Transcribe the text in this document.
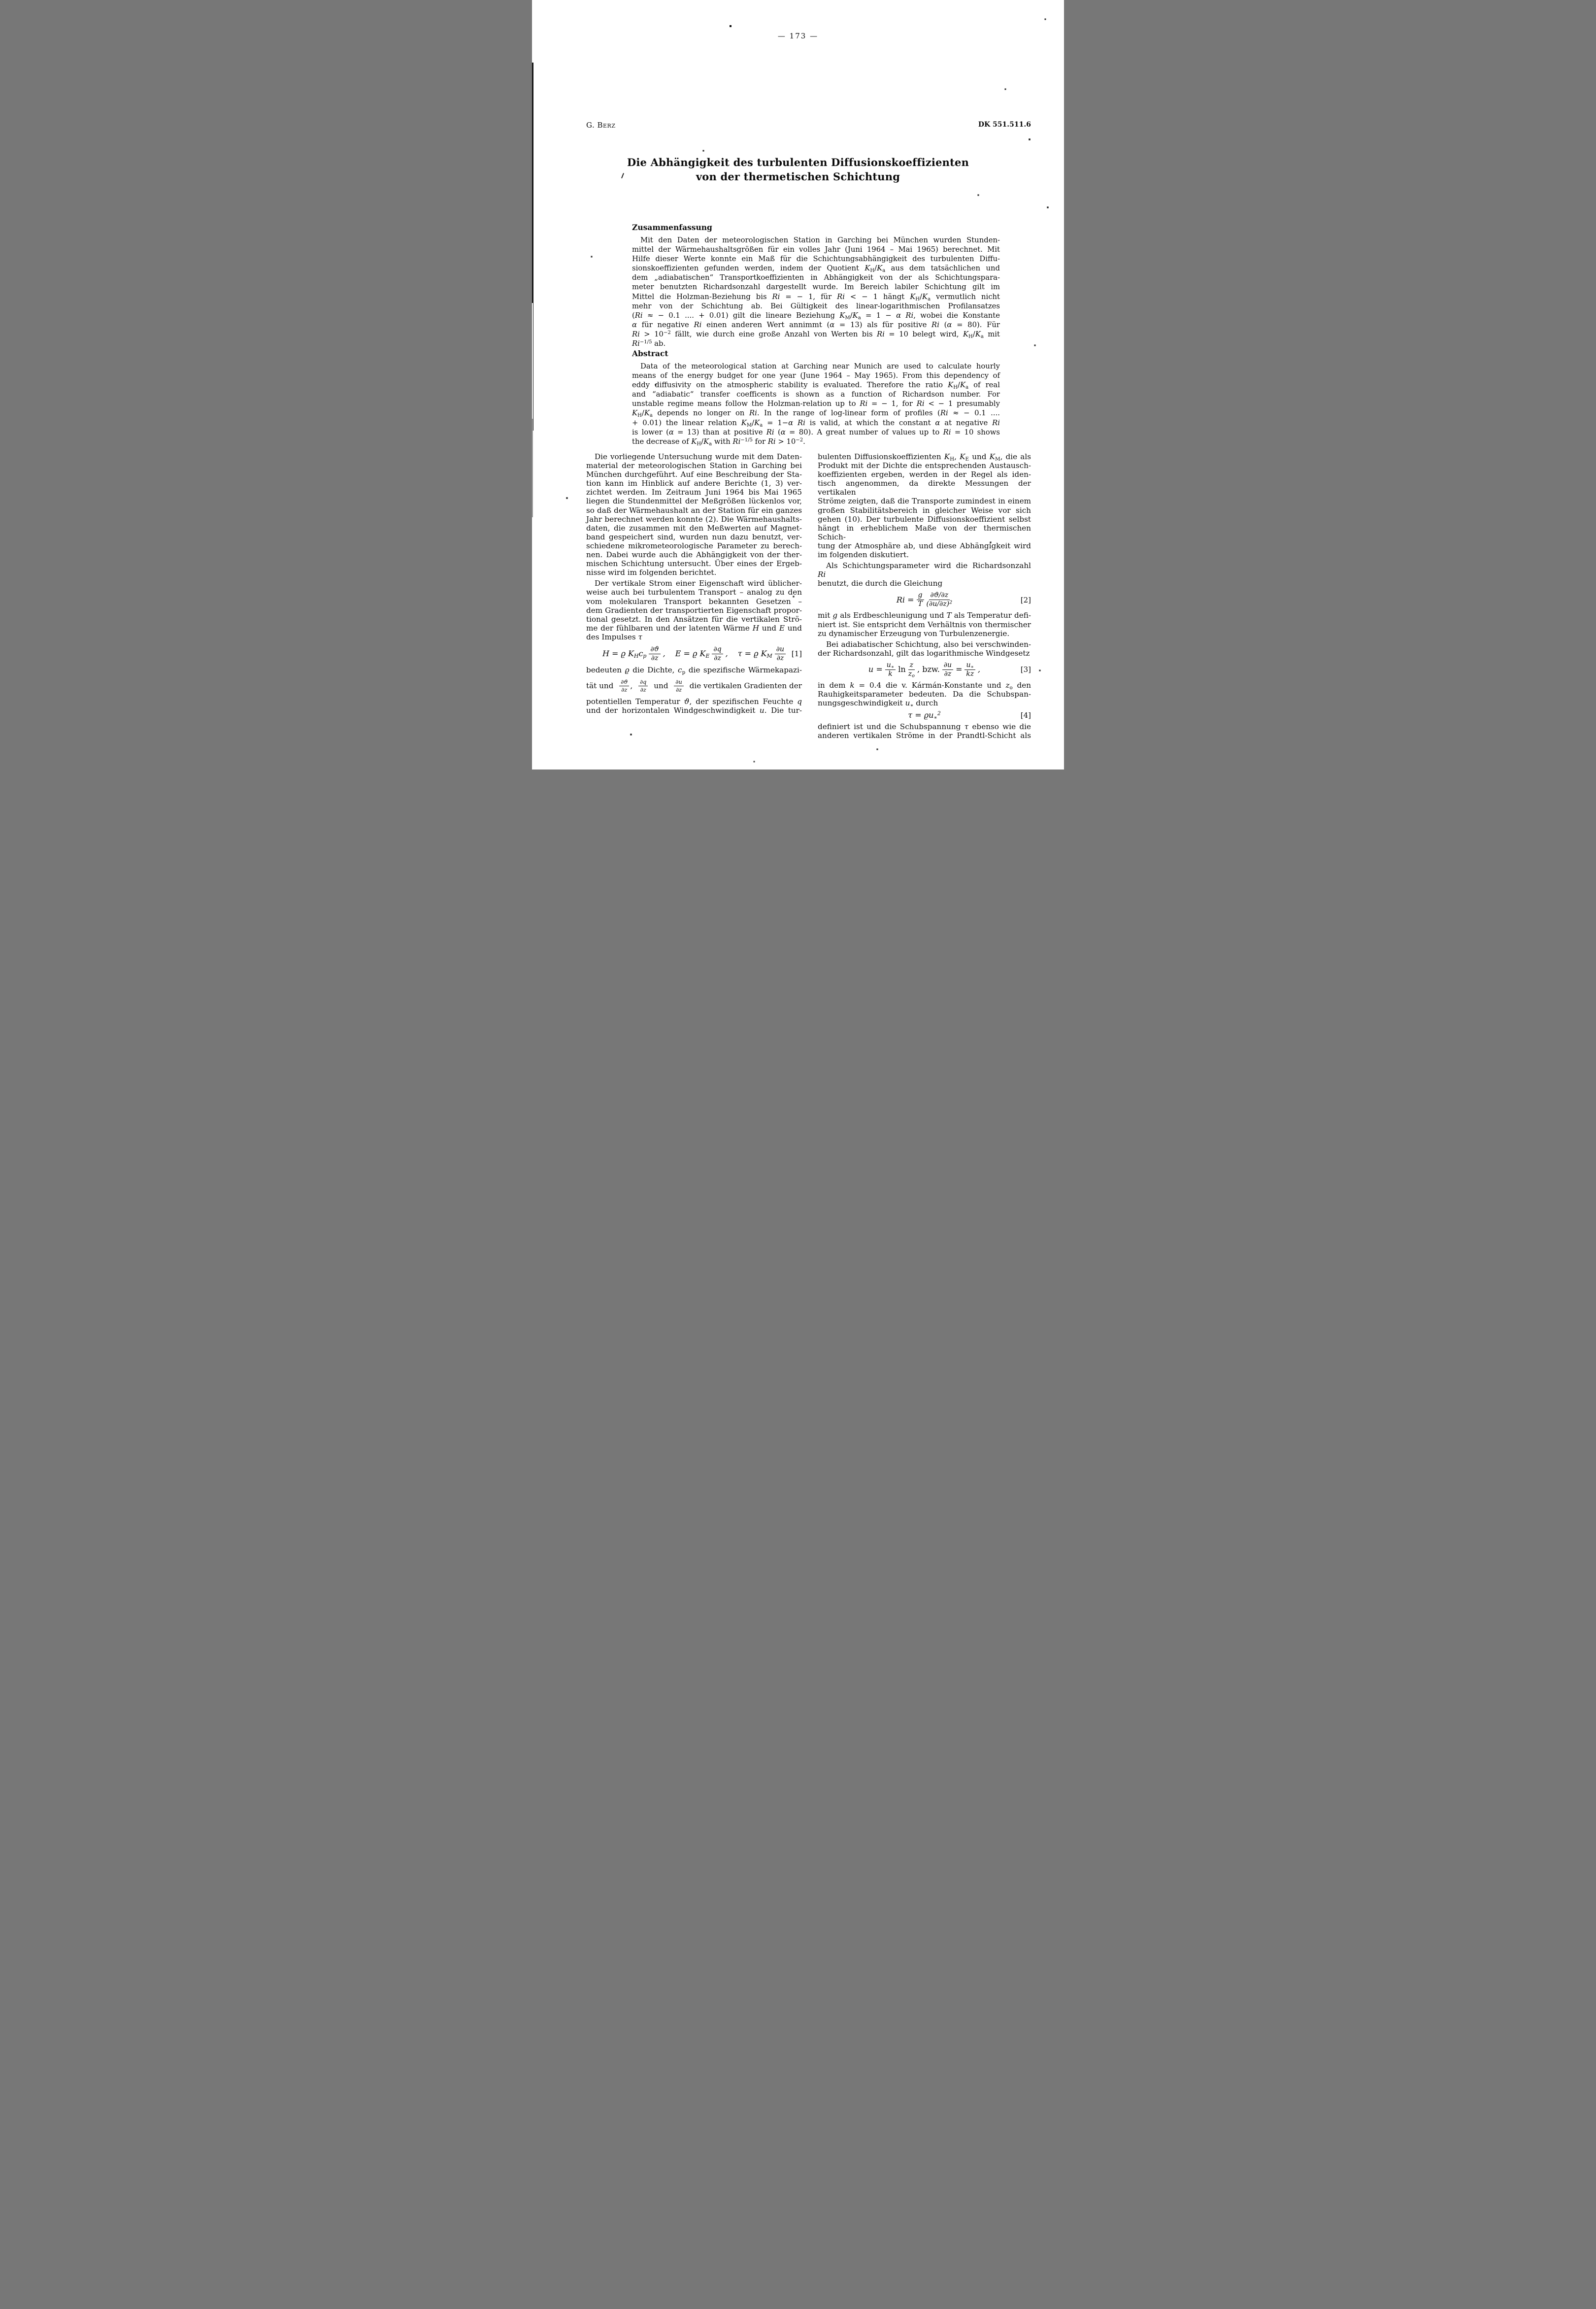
— 173 —
G. Berz	DK 551.511.6
Die Abhängigkeit des turbulenten Diffusionskoeffizienten
von der thermetischen Schichtung
Zusammenfassung
Mit den Daten der meteorologischen Station in Garching bei München wurden Stunden-
mittel der Wärmehaushaltsgrößen für ein volles Jahr (Juni 1964 – Mai 1965) berechnet. Mit
Hilfe dieser Werte konnte ein Maß für die Schichtungsabhängigkeit des turbulenten Diffu-
sionskoeffizienten gefunden werden, indem der Quotient $K_H/K_a$ aus dem tatsächlichen und
dem „adiabatischen“ Transportkoeffizienten in Abhängigkeit von der als Schichtungspara-
meter benutzten Richardsonzahl dargestellt wurde. Im Bereich labiler Schichtung gilt im
Mittel die Holzman-Beziehung bis Ri = − 1, für Ri < − 1 hängt $K_H/K_a$ vermutlich nicht
mehr von der Schichtung ab. Bei Gültigkeit des linear-logarithmischen Profilansatzes
(Ri ≈ − 0.1 .... + 0.01) gilt die lineare Beziehung $K_M/K_a = 1 - \alpha$ Ri, wobei die Konstante
α für negative Ri einen anderen Wert annimmt (α = 13) als für positive Ri (α = 80). Für
$Ri > 10^{-2}$ fällt, wie durch eine große Anzahl von Werten bis Ri = 10 belegt wird, $K_H/K_a$ mit
$Ri^{-1/5}$ ab.
Abstract
Data of the meteorological station at Garching near Munich are used to calculate hourly
means of the energy budget for one year (June 1964 – May 1965). From this dependency of
eddy diffusivity on the atmospheric stability is evaluated. Therefore the ratio $K_H/K_a$ of real
and “adiabatic“ transfer coefficents is shown as a function of Richardson number. For
unstable regime means follow the Holzman-relation up to Ri = − 1, for Ri < − 1 presumably
$K_H/K_a$ depends no longer on Ri. In the range of log-linear form of profiles (Ri ≈ − 0.1 ....
+ 0.01) the linear relation $K_M/K_a = 1-\alpha$ Ri is valid, at which the constant α at negative Ri
is lower (α = 13) than at positive Ri (α = 80). A great number of values up to Ri = 10 shows
the decrease of $K_H/K_a$ with $Ri^{-1/5}$ for $Ri > 10^{-2}$.
Die vorliegende Untersuchung wurde mit dem Daten-
material der meteorologischen Station in Garching bei
München durchgeführt. Auf eine Beschreibung der Sta-
tion kann im Hinblick auf andere Berichte (1, 3) ver-
zichtet werden. Im Zeitraum Juni 1964 bis Mai 1965
liegen die Stundenmittel der Meßgrößen lückenlos vor,
so daß der Wärmehaushalt an der Station für ein ganzes
Jahr berechnet werden konnte (2). Die Wärmehaushalts-
daten, die zusammen mit den Meßwerten auf Magnet-
band gespeichert sind, wurden nun dazu benutzt, ver-
schiedene mikrometeorologische Parameter zu berech-
nen. Dabei wurde auch die Abhängigkeit von der ther-
mischen Schichtung untersucht. Über eines der Ergeb-
nisse wird im folgenden berichtet.
Der vertikale Strom einer Eigenschaft wird üblicher-
weise auch bei turbulentem Transport – analog zu den
vom molekularen Transport bekannten Gesetzen –
dem Gradienten der transportierten Eigenschaft propor-
tional gesetzt. In den Ansätzen für die vertikalen Strö-
me der fühlbaren und der latenten Wärme H und E und
des Impulses τ
H = ϱ $K_Hc_p$
∂ϑ
∂z , E = ϱ $K_E$
∂q
∂z , τ = ϱ $K_M$
∂u
∂z [1]
bedeuten ϱ die Dichte, $c_p$ die spezifische Wärmekapazi-
tät und ∂ϑ
∂z , ∂q
∂z und ∂u
∂z die vertikalen Gradienten der
potentiellen Temperatur ϑ, der spezifischen Feuchte q
und der horizontalen Windgeschwindigkeit u. Die tur-
bulenten Diffusionskoeffizienten $K_H$, $K_E$ und $K_M$, die als
Produkt mit der Dichte die entsprechenden Austausch-
koeffizienten ergeben, werden in der Regel als iden-
tisch angenommen, da direkte Messungen der vertikalen
Ströme zeigten, daß die Transporte zumindest in einem
großen Stabilitätsbereich in gleicher Weise vor sich
gehen (10). Der turbulente Diffusionskoeffizient selbst
hängt in erheblichem Maße von der thermischen Schich-
tung der Atmosphäre ab, und diese Abhängigkeit wird
im folgenden diskutiert.
Als Schichtungsparameter wird die Richardsonzahl Ri
benutzt, die durch die Gleichung
$Ri = \frac{g}{T} \partial ϑ/\partial z$
$(\partial u/\partial z)^2$	[2]
mit g als Erdbeschleunigung und T als Temperatur defi-
niert ist. Sie entspricht dem Verhältnis von thermischer
zu dynamischer Erzeugung von Turbulenzenergie.
Bei adiabatischer Schichtung, also bei verschwinden-
der Richardsonzahl, gilt das logarithmische Windgesetz
$u = \frac{u_∗}{k}$ ln z
$z_o$
, bzw. $\frac{\partial u}{\partial z} = \frac{u_∗}{kz}$ ,	[3]
in dem k = 0.4 die v. Kármán-Konstante und $z_o$ den
Rauhigkeitsparameter bedeuten. Da die Schubspan-
nungsgeschwindigkeit $u_∗$ durch
$\tau = ϱu_∗^2$	[4]
definiert ist und die Schubspannung τ ebenso wie die
anderen vertikalen Ströme in der Prandtl-Schicht als
